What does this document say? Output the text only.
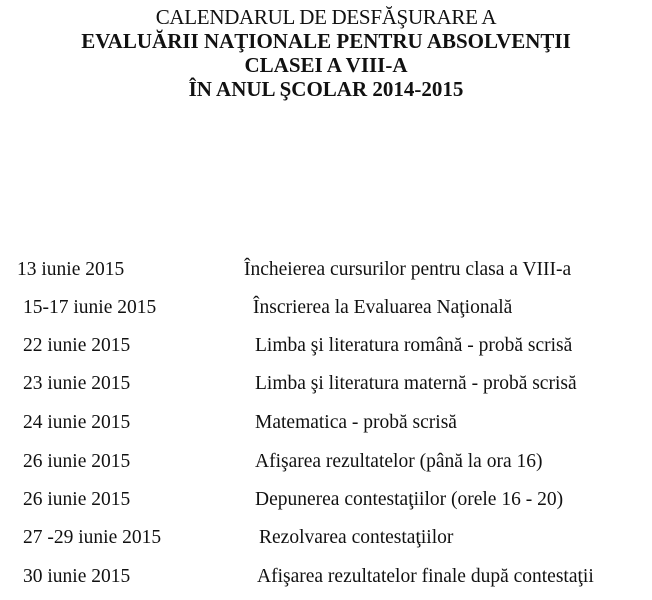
CALENDARUL DE DESFĂŞURARE A
EVALUĂRII NAŢIONALE PENTRU ABSOLVENŢII
CLASEI A VIII-A
ÎN ANUL ŞCOLAR 2014-2015
13 iunie 2015	Încheierea cursurilor pentru clasa a VIII-a
15-17 iunie 2015	Înscrierea la Evaluarea Naţională
22 iunie 2015	Limba şi literatura română - probă scrisă
23 iunie 2015	Limba şi literatura maternă - probă scrisă
24 iunie 2015	Matematica - probă scrisă
26 iunie 2015	Afişarea rezultatelor (până la ora 16)
26 iunie 2015	Depunerea contestaţiilor (orele 16 - 20)
27 -29 iunie 2015	Rezolvarea contestaţiilor
30 iunie 2015	Afişarea rezultatelor finale după contestaţii
